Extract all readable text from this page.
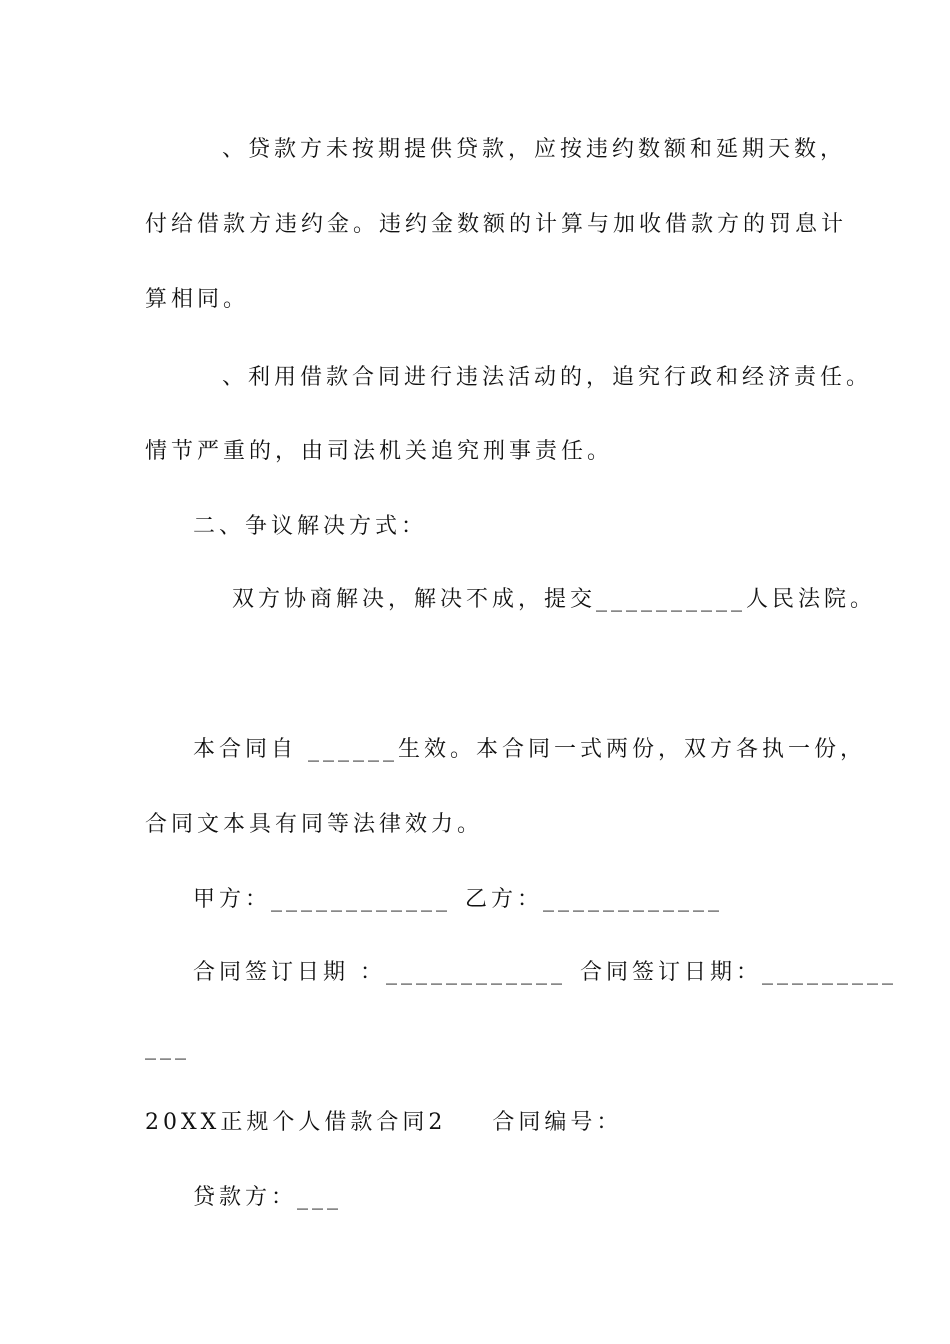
、贷款方未按期提供贷款，应按违约数额和延期天数，
付给借款方违约金。违约金数额的计算与加收借款方的罚息计
算相同。
、利用借款合同进行违法活动的，追究行政和经济责任。
情节严重的，由司法机关追究刑事责任。
二、争议解决方式：
双方协商解决，解决不成，提交__________人民法院。
本合同自 ______生效。本合同一式两份，双方各执一份，
合同文本具有同等法律效力。
甲方：____________ 乙方：____________
合同签订日期 ：____________ 合同签订日期：_________
___
20XX正规个人借款合同2 合同编号：
贷款方：___
